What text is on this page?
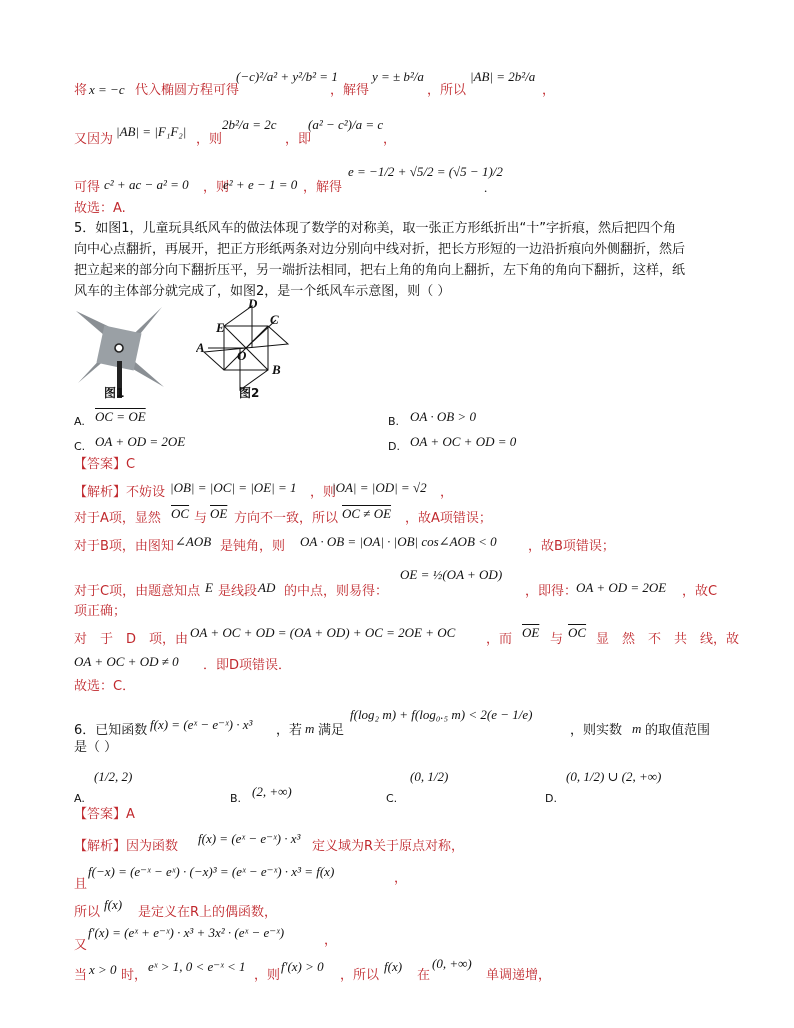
将 x = −c 代入椭圆方程可得
(−c)²/a² + y²/b² = 1
，解得
y = ± b²/a
，所以
|AB| = 2b²/a
，
又因为
|AB| = |F₁F₂|
，则
2b²/a = 2c
，即
(a² − c²)/a = c
，
可得 c² + ac − a² = 0 ，则
e² + e − 1 = 0 ，解得
e = −1/2 + √5/2 = (√5 − 1)/2
.
故选：A.
5．如图1，儿童玩具纸风车的做法体现了数学的对称美，取一张正方形纸折出“十”字折痕，然后把四个角
向中心点翻折，再展开，把正方形纸两条对边分别向中线对折，把长方形短的一边沿折痕向外侧翻折，然后
把立起来的部分向下翻折压平，另一端折法相同，把右上角的角向上翻折，左下角的角向下翻折，这样，纸
风车的主体部分就完成了，如图2，是一个纸风车示意图，则（ ）
图1
D
E
C
A
O
B
图2
A. OC = OE	B. OA · OB > 0
C. OA + OD = 2OE	D. OA + OC + OD = 0
【答案】C
【解析】不妨设 |OB| = |OC| = |OE| = 1 ，则
|OA| = |OD| = √2 ，
对于A项，显然 $\overline{OC}$ 与 $\overline{OE}$ 方向不一致，所以 OC ≠ OE ，故A项错误；
对于B项，由图知 ∠AOB 是钝角，则 OA · OB = |OA| · |OB| cos∠AOB < 0 ，故B项错误；
对于C项，由题意知点 E 是线段 AD 的中点，则易得：
OE = ½(OA + OD)
，即得：
OA + OD = 2OE ，故C
项正确；
对　于　D　项，由 OA + OC + OD = (OA + OD) + OC = 2OE + OC ，而 $\overline{OE}$ 与 $\overline{OC}$ 显　然　不　共　线，故
OA + OC + OD ≠ 0 ．即D项错误．
故选：C．
6．已知函数 f(x) = (eˣ − e⁻ˣ) · x³ ，若 m 满足
f(log₂ m) + f(log₀.₅ m) < 2(e − 1/e)
，则实数 m 的取值范围
是（ ）
A.
(1/2, 2)
B. (2, +∞)	C.
(0, 1/2)
D.
(0, 1/2) ∪ (2, +∞)
【答案】A
【解析】因为函数
f(x) = (eˣ − e⁻ˣ) · x³
定义域为R关于原点对称，
且
f(−x) = (e⁻ˣ − eˣ) · (−x)³ = (eˣ − e⁻ˣ) · x³ = f(x)	，
所以
f(x)
是定义在R上的偶函数，
又
f′(x) = (eˣ + e⁻ˣ) · x³ + 3x² · (eˣ − e⁻ˣ)
，
当 x > 0 时，
eˣ > 1, 0 < e⁻ˣ < 1
，则
f′(x) > 0
，所以
f(x)
在
(0, +∞)
单调递增，
